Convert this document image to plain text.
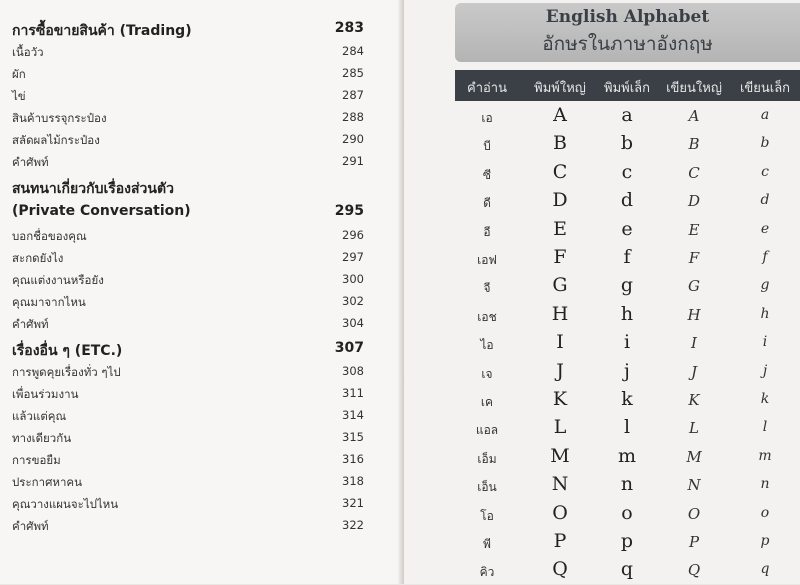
การซื้อขายสินค้า (Trading)	283
เนื้อวัว	284
ผัก	285
ไข่	287
สินค้าบรรจุกระป๋อง	288
สลัดผลไม้กระป๋อง	290
คำศัพท์	291
สนทนาเกี่ยวกับเรื่องส่วนตัว
(Private Conversation)	295
บอกชื่อของคุณ	296
สะกดยังไง	297
คุณแต่งงานหรือยัง	300
คุณมาจากไหน	302
คำศัพท์	304
เรื่องอื่น ๆ (ETC.)	307
การพูดคุยเรื่องทั่ว ๆไป	308
เพื่อนร่วมงาน	311
แล้วแต่คุณ	314
ทางเดียวกัน	315
การขอยืม	316
ประกาศหาคน	318
คุณวางแผนจะไปไหน	321
คำศัพท์	322
English Alphabet
อักษรในภาษาอังกฤษ
คำอ่าน พิมพ์ใหญ่ พิมพ์เล็ก เขียนใหญ่ เขียนเล็ก
เอ	A	a	A	a
บี	B	b	B	b
ซี	C	c	C	c
ดี	D	d	D	d
อี	E	e	E	e
เอฟ	F	f	F	f
จี	G	g	G	g
เอช	H	h	H	h
ไอ	I	i	I	i
เจ	J	j	J	j
เค	K	k	K	k
แอล	L	l	L	l
เอ็ม	M	m	M	m
เอ็น	N	n	N	n
โอ	O	o	O	o
พี	P	p	P	p
คิว	Q	q	Q	q
